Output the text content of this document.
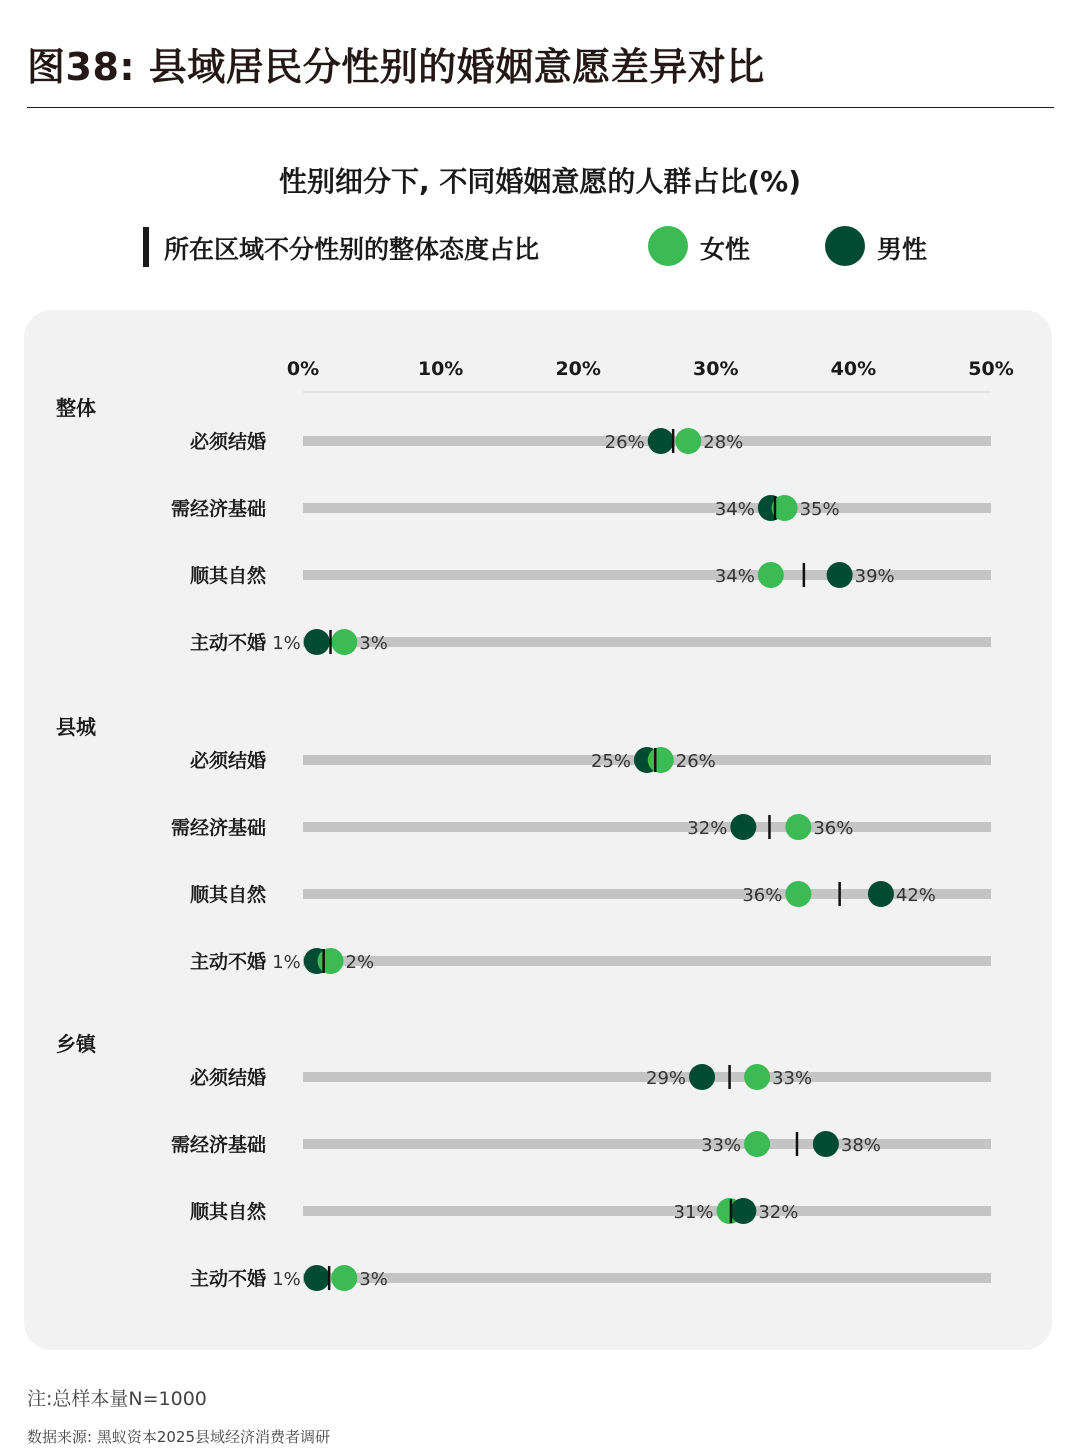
图38: 县域居民分性别的婚姻意愿差异对比
性别细分下, 不同婚姻意愿的人群占比(%)
所在区域不分性别的整体态度占比	女性	男性
0%	10%	20%	30%	40%	50%
整体
必须结婚	26%	28%
需经济基础	34% 35%
顺其自然	34%	39%
主动不婚 1%	3%
县城
必须结婚	25% 26%
需经济基础	32%	36%
顺其自然	36%	42%
主动不婚 1% 2%
乡镇
必须结婚	29%	33%
需经济基础	33%	38%
顺其自然	31% 32%
主动不婚 1%	3%
注:总样本量N=1000
数据来源: 黑蚁资本2025县域经济消费者调研
